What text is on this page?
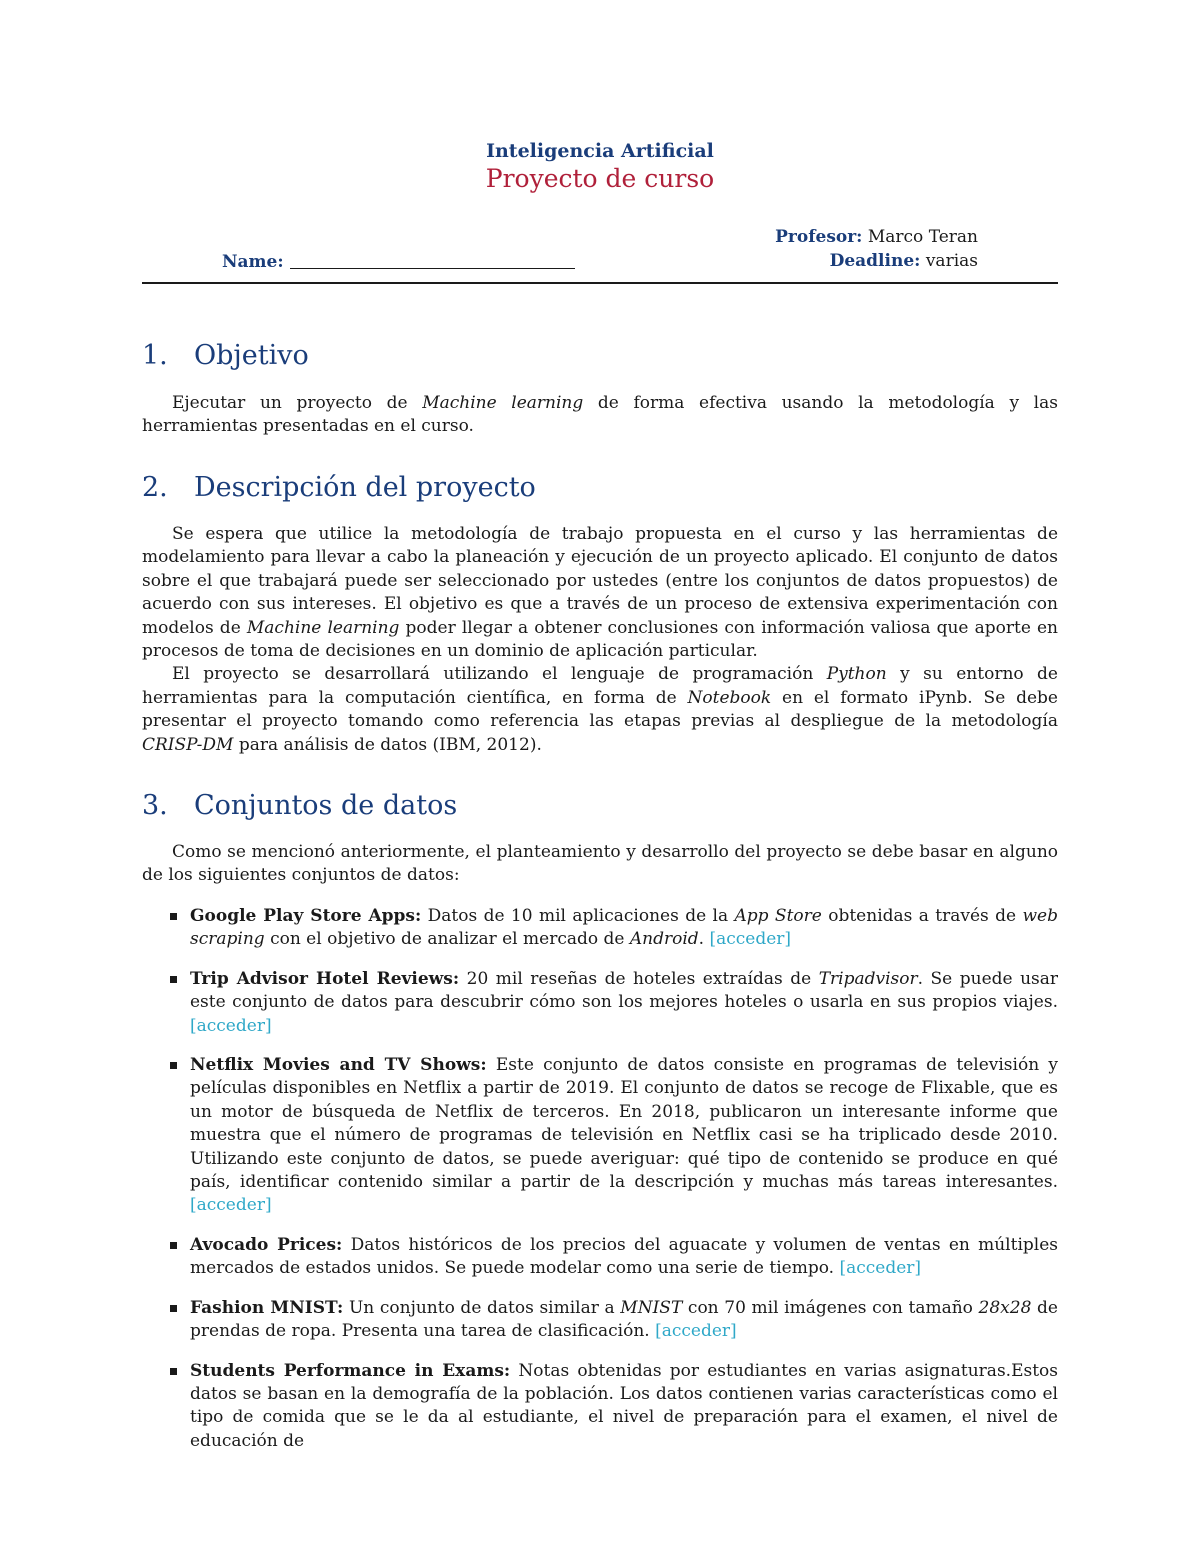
Inteligencia Artificial
Proyecto de curso
Profesor: Marco Teran
Name:	Deadline: varias
1. Objetivo

Ejecutar un proyecto de Machine learning de forma efectiva usando la metodología y las herramientas presentadas en el curso.

2. Descripción del proyecto

Se espera que utilice la metodología de trabajo propuesta en el curso y las herramientas de modelamiento para llevar a cabo la planeación y ejecución de un proyecto aplicado. El conjunto de datos sobre el que trabajará puede ser seleccionado por ustedes (entre los conjuntos de datos propuestos) de acuerdo con sus intereses. El objetivo es que a través de un proceso de extensiva experimentación con modelos de Machine learning poder llegar a obtener conclusiones con información valiosa que aporte en procesos de toma de decisiones en un dominio de aplicación particular.

El proyecto se desarrollará utilizando el lenguaje de programación Python y su entorno de herramientas para la computación científica, en forma de Notebook en el formato iPynb. Se debe presentar el proyecto tomando como referencia las etapas previas al despliegue de la metodología CRISP-DM para análisis de datos (IBM, 2012).

3. Conjuntos de datos

Como se mencionó anteriormente, el planteamiento y desarrollo del proyecto se debe basar en alguno de los siguientes conjuntos de datos:

Google Play Store Apps: Datos de 10 mil aplicaciones de la App Store obtenidas a través de web scraping con el objetivo de analizar el mercado de Android. [acceder]
Trip Advisor Hotel Reviews: 20 mil reseñas de hoteles extraídas de Tripadvisor. Se puede usar este conjunto de datos para descubrir cómo son los mejores hoteles o usarla en sus propios viajes. [acceder]
Netflix Movies and TV Shows: Este conjunto de datos consiste en programas de televisión y películas disponibles en Netflix a partir de 2019. El conjunto de datos se recoge de Flixable, que es un motor de búsqueda de Netflix de terceros. En 2018, publicaron un interesante informe que muestra que el número de programas de televisión en Netflix casi se ha triplicado desde 2010. Utilizando este conjunto de datos, se puede averiguar: qué tipo de contenido se produce en qué país, identificar contenido similar a partir de la descripción y muchas más tareas interesantes. [acceder]
Avocado Prices: Datos históricos de los precios del aguacate y volumen de ventas en múltiples mercados de estados unidos. Se puede modelar como una serie de tiempo. [acceder]
Fashion MNIST: Un conjunto de datos similar a MNIST con 70 mil imágenes con tamaño 28x28 de prendas de ropa. Presenta una tarea de clasificación. [acceder]
Students Performance in Exams: Notas obtenidas por estudiantes en varias asignaturas.Estos datos se basan en la demografía de la población. Los datos contienen varias características como el tipo de comida que se le da al estudiante, el nivel de preparación para el examen, el nivel de educación de
